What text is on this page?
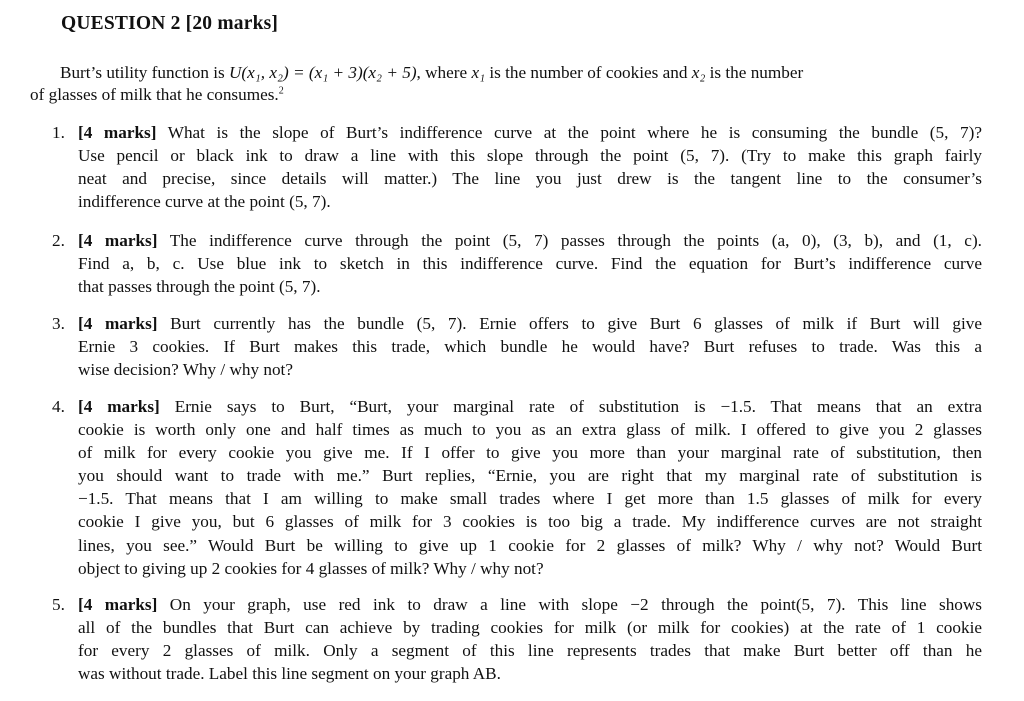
QUESTION 2 [20 marks]
Burt’s utility function is U(x₁, x₂) = (x₁ + 3)(x₂ + 5), where x₁ is the number of cookies and x₂ is the number
of glasses of milk that he consumes.$^2$
1. [4 marks] What is the slope of Burt’s indifference curve at the point where he is consuming the bundle (5, 7)?
Use pencil or black ink to draw a line with this slope through the point (5, 7). (Try to make this graph fairly
neat and precise, since details will matter.) The line you just drew is the tangent line to the consumer’s
indifference curve at the point (5, 7).
2. [4 marks] The indifference curve through the point (5, 7) passes through the points (a, 0), (3, b), and (1, c).
Find a, b, c. Use blue ink to sketch in this indifference curve. Find the equation for Burt’s indifference curve
that passes through the point (5, 7).
3. [4 marks] Burt currently has the bundle (5, 7). Ernie offers to give Burt 6 glasses of milk if Burt will give
Ernie 3 cookies. If Burt makes this trade, which bundle he would have? Burt refuses to trade. Was this a
wise decision? Why / why not?
4. [4 marks] Ernie says to Burt, “Burt, your marginal rate of substitution is −1.5. That means that an extra
cookie is worth only one and half times as much to you as an extra glass of milk. I offered to give you 2 glasses
of milk for every cookie you give me. If I offer to give you more than your marginal rate of substitution, then
you should want to trade with me.” Burt replies, “Ernie, you are right that my marginal rate of substitution is
−1.5. That means that I am willing to make small trades where I get more than 1.5 glasses of milk for every
cookie I give you, but 6 glasses of milk for 3 cookies is too big a trade. My indifference curves are not straight
lines, you see.” Would Burt be willing to give up 1 cookie for 2 glasses of milk? Why / why not? Would Burt
object to giving up 2 cookies for 4 glasses of milk? Why / why not?
5. [4 marks] On your graph, use red ink to draw a line with slope −2 through the point(5, 7). This line shows
all of the bundles that Burt can achieve by trading cookies for milk (or milk for cookies) at the rate of 1 cookie
for every 2 glasses of milk. Only a segment of this line represents trades that make Burt better off than he
was without trade. Label this line segment on your graph AB.
